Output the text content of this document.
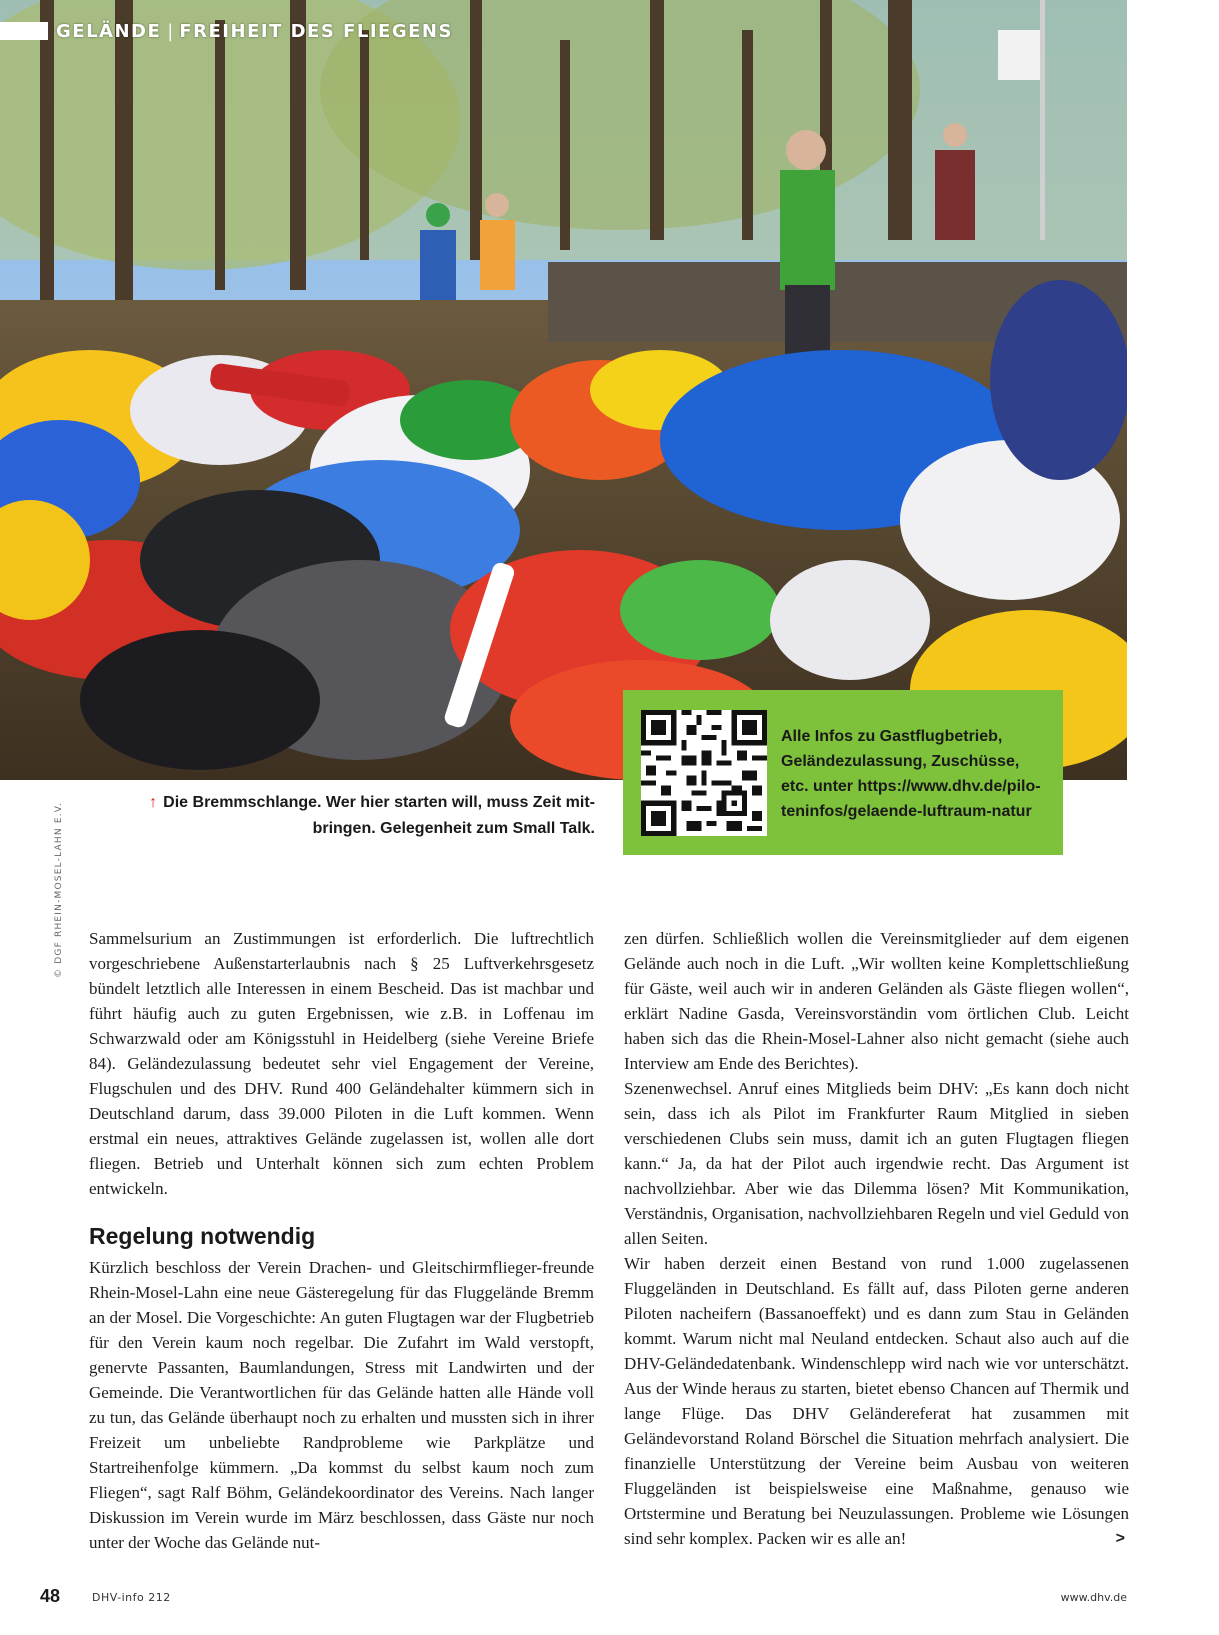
GELÄNDE | FREIHEIT DES FLIEGENS
Alle Infos zu Gastflugbetrieb,
Geländezulassung, Zuschüsse,
etc. unter https://www.dhv.de/pilo-
teninfos/gelaende-luftraum-natur
↑ Die Bremmschlange. Wer hier starten will, muss Zeit mit-
bringen. Gelegenheit zum Small Talk.
© DGF RHEIN-MOSEL-LAHN E.V.	Sammelsurium an Zustimmungen ist erforderlich. Die luftrechtlich vorgeschriebene Außenstarterlaubnis nach § 25 Luftverkehrsgesetz bündelt letztlich alle Interessen in einem Bescheid. Das ist machbar und führt häufig auch zu guten Ergebnissen, wie z.B. in Loffenau im Schwarzwald oder am Königsstuhl in Heidelberg (siehe Vereine Briefe 84). Geländezulassung bedeutet sehr viel Engagement der Vereine, Flugschulen und des DHV. Rund 400 Geländehalter kümmern sich in Deutschland darum, dass 39.000 Piloten in die Luft kommen. Wenn erstmal ein neues, attraktives Gelände zugelassen ist, wollen alle dort fliegen. Betrieb und Unterhalt können sich zum echten Problem entwickeln.

Regelung notwendig

Kürzlich beschloss der Verein Drachen- und Gleitschirmflieger-freunde Rhein-Mosel-Lahn eine neue Gästeregelung für das Fluggelände Bremm an der Mosel. Die Vorgeschichte: An guten Flugtagen war der Flugbetrieb für den Verein kaum noch regelbar. Die Zufahrt im Wald verstopft, genervte Passanten, Baumlandungen, Stress mit Landwirten und der Gemeinde. Die Verantwortlichen für das Gelände hatten alle Hände voll zu tun, das Gelände überhaupt noch zu erhalten und mussten sich in ihrer Freizeit um unbeliebte Randprobleme wie Parkplätze und Startreihenfolge kümmern. „Da kommst du selbst kaum noch zum Fliegen“, sagt Ralf Böhm, Geländekoordinator des Vereins. Nach langer Diskussion im Verein wurde im März beschlossen, dass Gäste nur noch unter der Woche das Gelände nut-

zen dürfen. Schließlich wollen die Vereinsmitglieder auf dem eigenen Gelände auch noch in die Luft. „Wir wollten keine Komplettschließung für Gäste, weil auch wir in anderen Geländen als Gäste fliegen wollen“, erklärt Nadine Gasda, Vereinsvorständin vom örtlichen Club. Leicht haben sich das die Rhein-Mosel-Lahner also nicht gemacht (siehe auch Interview am Ende des Berichtes).

Szenenwechsel. Anruf eines Mitglieds beim DHV: „Es kann doch nicht sein, dass ich als Pilot im Frankfurter Raum Mitglied in sieben verschiedenen Clubs sein muss, damit ich an guten Flugtagen fliegen kann.“ Ja, da hat der Pilot auch irgendwie recht. Das Argument ist nachvollziehbar. Aber wie das Dilemma lösen? Mit Kommunikation, Verständnis, Organisation, nachvollziehbaren Regeln und viel Geduld von allen Seiten.

Wir haben derzeit einen Bestand von rund 1.000 zugelassenen Fluggeländen in Deutschland. Es fällt auf, dass Piloten gerne anderen Piloten nacheifern (Bassanoeffekt) und es dann zum Stau in Geländen kommt. Warum nicht mal Neuland entdecken. Schaut also auch auf die DHV-Geländedatenbank. Windenschlepp wird nach wie vor unterschätzt. Aus der Winde heraus zu starten, bietet ebenso Chancen auf Thermik und lange Flüge. Das DHV Geländereferat hat zusammen mit Geländevorstand Roland Börschel die Situation mehrfach analysiert. Die finanzielle Unterstützung der Vereine beim Ausbau von weiteren Fluggeländen ist beispielsweise eine Maßnahme, genauso wie Ortstermine und Beratung bei Neuzulassungen. Probleme wie Lösungen sind sehr komplex. Packen wir es alle an!	>

48	DHV-info 212	www.dhv.de
